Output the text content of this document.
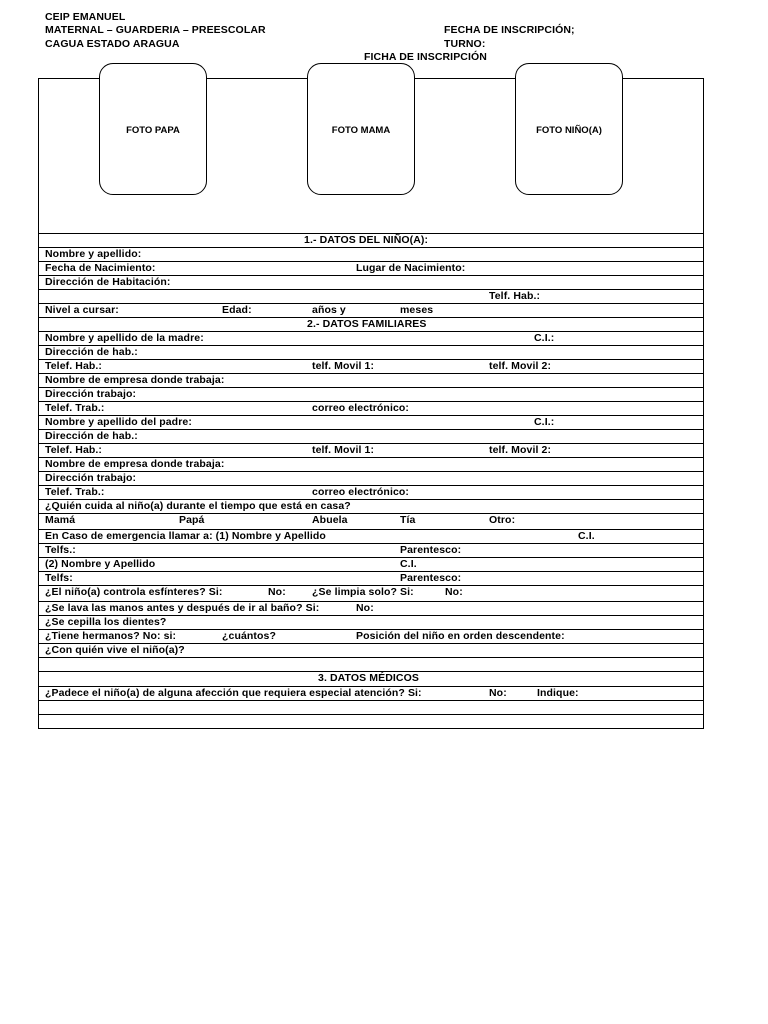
CEIP EMANUEL
MATERNAL – GUARDERIA – PREESCOLAR
CAGUA ESTADO ARAGUA
FECHA DE INSCRIPCIÓN;
TURNO:
FICHA DE INSCRIPCIÓN
FOTO PAPA	FOTO MAMA	FOTO NIÑO(A)
1.- DATOS DEL NIÑO(A):
Nombre y apellido:
Fecha de Nacimiento:	Lugar de Nacimiento:
Dirección de Habitación:
Telf. Hab.:
Nivel a cursar:	Edad:	años y	meses
2.- DATOS FAMILIARES
Nombre y apellido de la madre:	C.I.:
Dirección de hab.:
Telef. Hab.:	telf. Movil 1:	telf. Movil 2:
Nombre de empresa donde trabaja:
Dirección trabajo:
Telef. Trab.:	correo electrónico:
Nombre y apellido del padre:	C.I.:
Dirección de hab.:
Telef. Hab.:	telf. Movil 1:	telf. Movil 2:
Nombre de empresa donde trabaja:
Dirección trabajo:
Telef. Trab.:	correo electrónico:
¿Quién cuida al niño(a) durante el tiempo que está en casa?
Mamá	Papá	Abuela	Tía	Otro:
En Caso de emergencia llamar a: (1) Nombre y Apellido	C.I.
Telfs.:	Parentesco:
(2) Nombre y Apellido	C.I.
Telfs:	Parentesco:
¿El niño(a) controla esfínteres? Si:	No: ¿Se limpia solo? Si:	No:
¿Se lava las manos antes y después de ir al baño? Si:	No:
¿Se cepilla los dientes?
¿Tiene hermanos? No: si:	¿cuántos?	Posición del niño en orden descendente:
¿Con quién vive el niño(a)?
3. DATOS MÉDICOS
¿Padece el niño(a) de alguna afección que requiera especial atención? Si:	No:	Indique:
